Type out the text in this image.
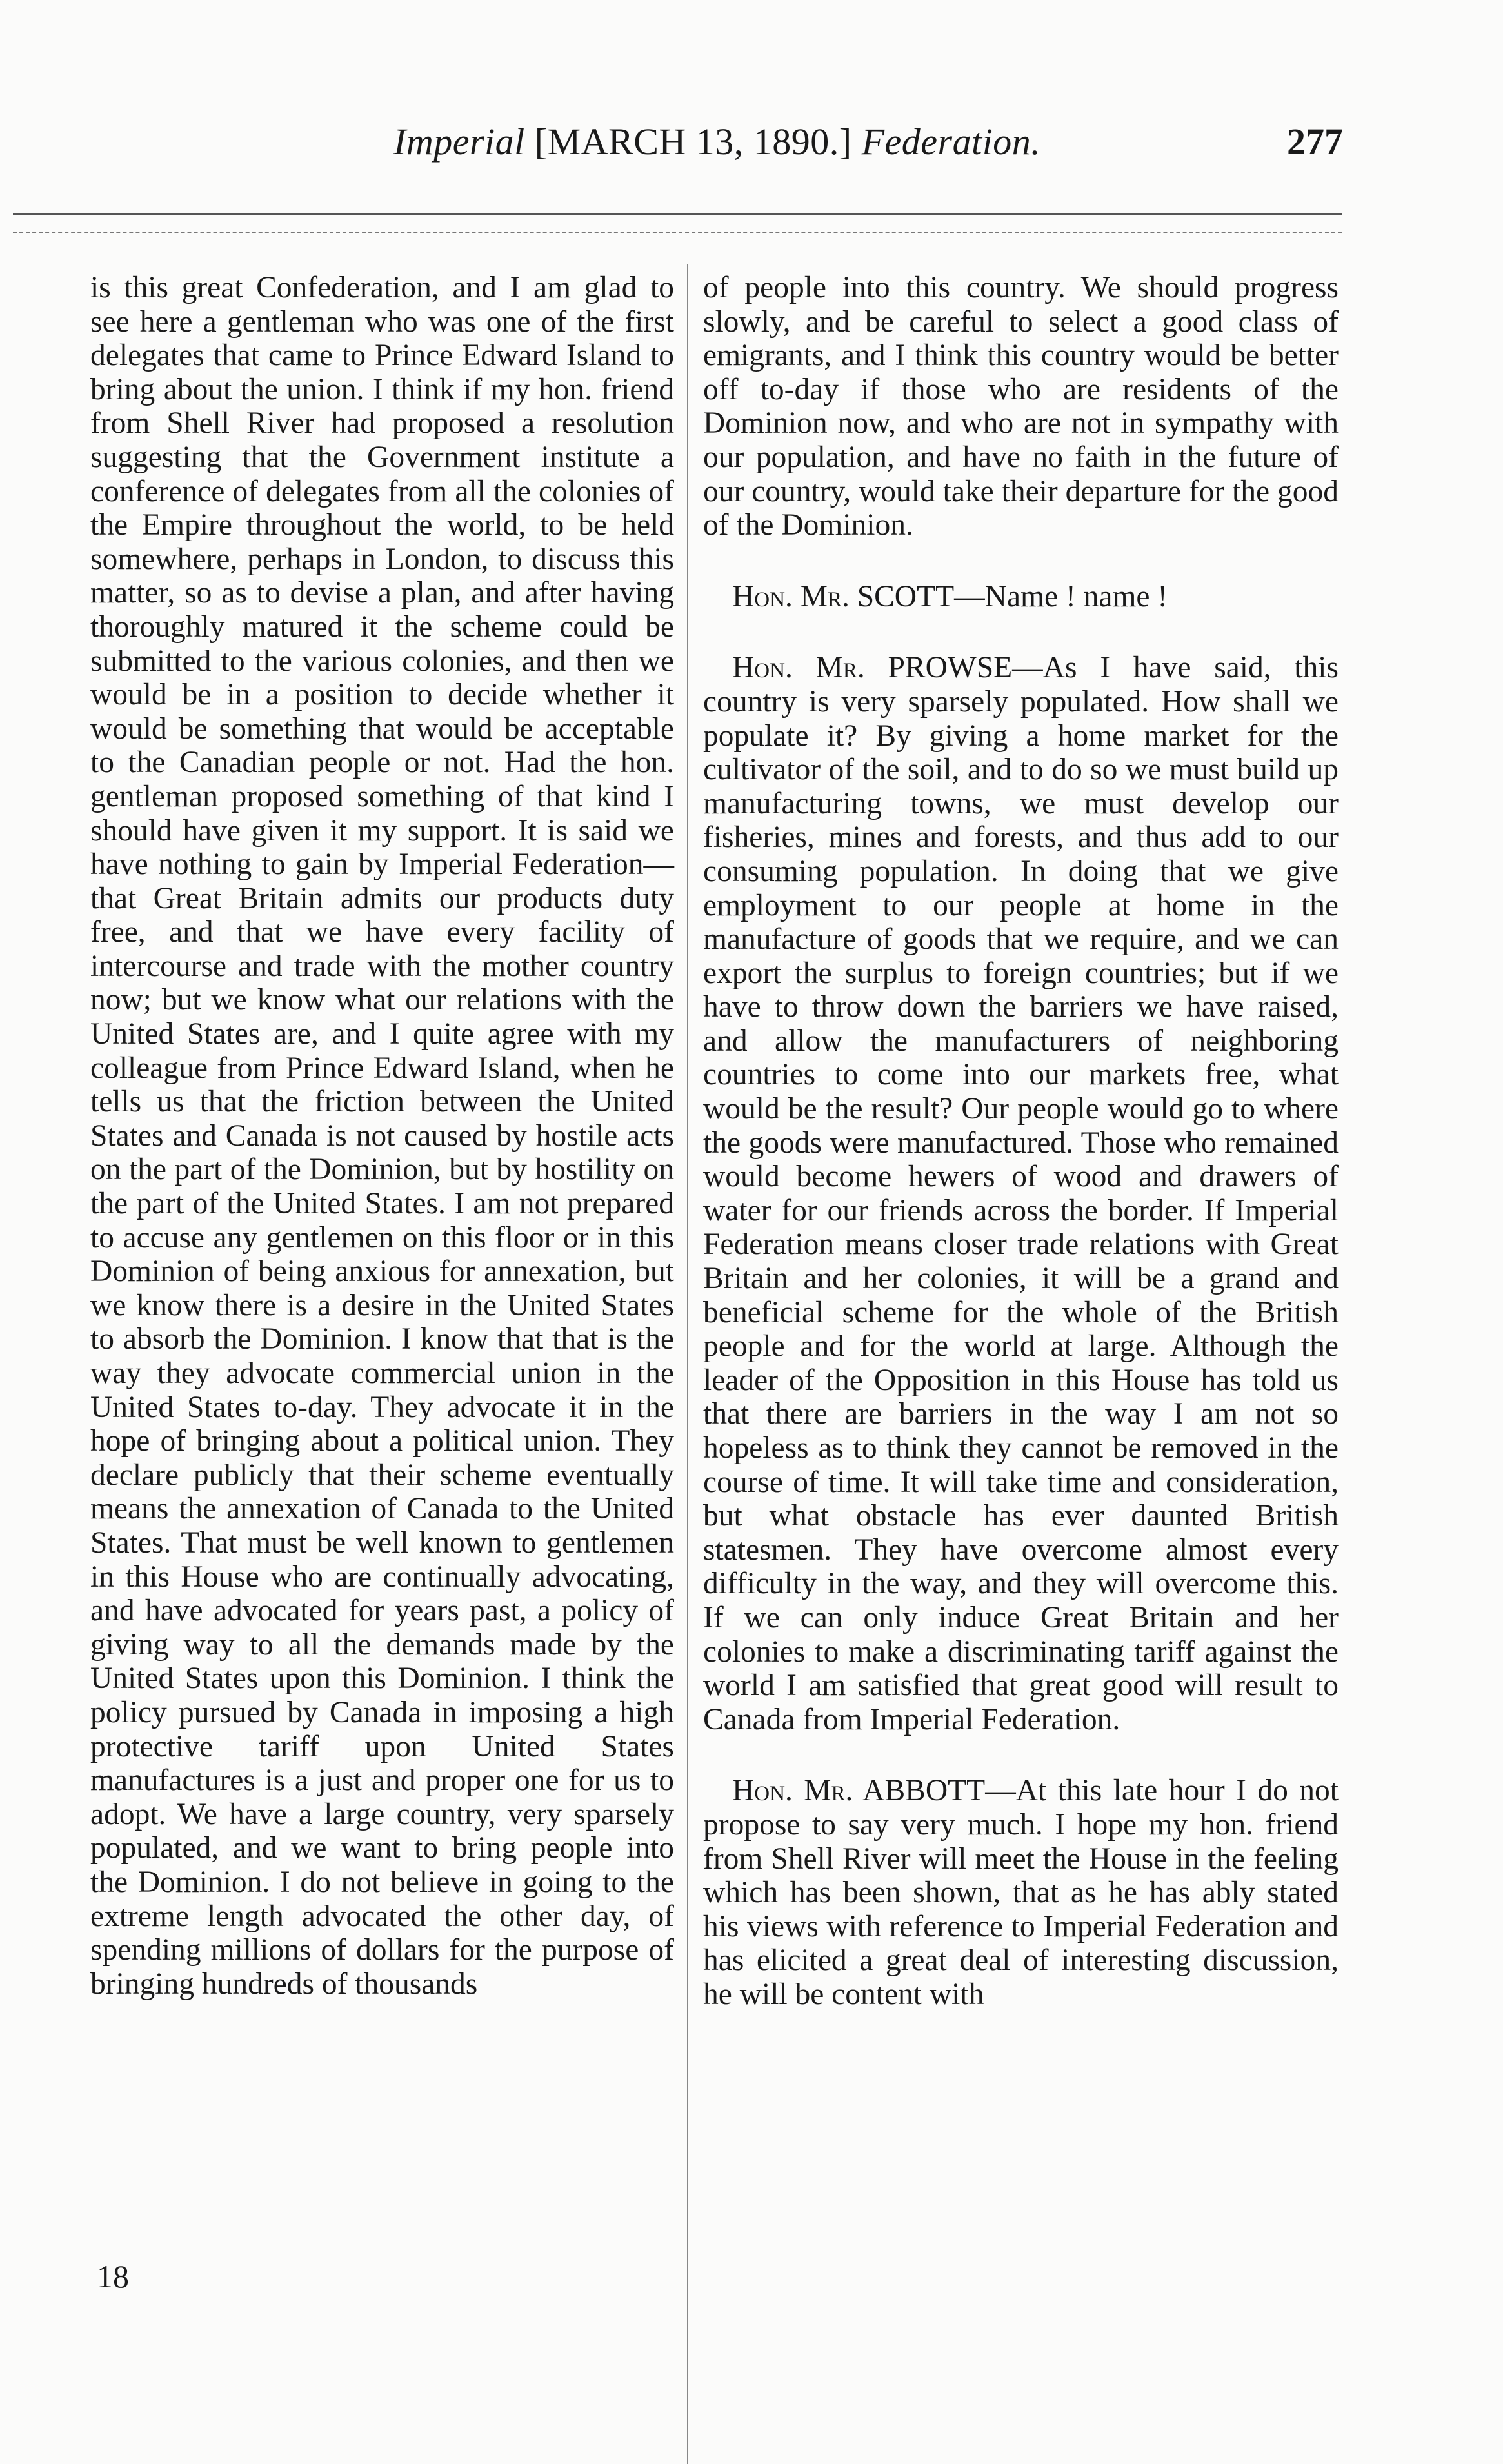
Imperial [MARCH 13, 1890.] Federation.	277

is this great Confederation, and I am glad to see here a gentleman who was one of the first delegates that came to Prince Edward Island to bring about the union. I think if my hon. friend from Shell River had proposed a resolution suggesting that the Government institute a conference of delegates from all the colonies of the Empire throughout the world, to be held somewhere, perhaps in London, to discuss this matter, so as to devise a plan, and after having thoroughly matured it the scheme could be submitted to the various colonies, and then we would be in a position to decide whether it would be something that would be acceptable to the Canadian people or not. Had the hon. gentleman proposed something of that kind I should have given it my support. It is said we have nothing to gain by Imperial Federation—that Great Britain admits our products duty free, and that we have every facility of intercourse and trade with the mother country now; but we know what our relations with the United States are, and I quite agree with my colleague from Prince Edward Island, when he tells us that the friction between the United States and Canada is not caused by hostile acts on the part of the Dominion, but by hostility on the part of the United States. I am not prepared to accuse any gentlemen on this floor or in this Dominion of being anxious for annexation, but we know there is a desire in the United States to absorb the Dominion. I know that that is the way they advocate commercial union in the United States to-day. They advocate it in the hope of bringing about a political union. They declare publicly that their scheme eventually means the annexation of Canada to the United States. That must be well known to gentlemen in this House who are continually advocating, and have advocated for years past, a policy of giving way to all the demands made by the United States upon this Dominion. I think the policy pursued by Canada in imposing a high protective tariff upon United States manufactures is a just and proper one for us to adopt. We have a large country, very sparsely populated, and we want to bring people into the Dominion. I do not believe in going to the extreme length advocated the other day, of spending millions of dollars for the purpose of bringing hundreds of thousands

of people into this country. We should progress slowly, and be careful to select a good class of emigrants, and I think this country would be better off to-day if those who are residents of the Dominion now, and who are not in sympathy with our population, and have no faith in the future of our country, would take their departure for the good of the Dominion.

Hon. Mr. SCOTT—Name ! name !

Hon. Mr. PROWSE—As I have said, this country is very sparsely populated. How shall we populate it? By giving a home market for the cultivator of the soil, and to do so we must build up manufacturing towns, we must develop our fisheries, mines and forests, and thus add to our consuming population. In doing that we give employment to our people at home in the manufacture of goods that we require, and we can export the surplus to foreign countries; but if we have to throw down the barriers we have raised, and allow the manufacturers of neighboring countries to come into our markets free, what would be the result? Our people would go to where the goods were manufactured. Those who remained would become hewers of wood and drawers of water for our friends across the border. If Imperial Federation means closer trade relations with Great Britain and her colonies, it will be a grand and beneficial scheme for the whole of the British people and for the world at large. Although the leader of the Opposition in this House has told us that there are barriers in the way I am not so hopeless as to think they cannot be removed in the course of time. It will take time and consideration, but what obstacle has ever daunted British statesmen. They have overcome almost every difficulty in the way, and they will overcome this. If we can only induce Great Britain and her colonies to make a discriminating tariff against the world I am satisfied that great good will result to Canada from Imperial Federation.

Hon. Mr. ABBOTT—At this late hour I do not propose to say very much. I hope my hon. friend from Shell River will meet the House in the feeling which has been shown, that as he has ably stated his views with reference to Imperial Federation and has elicited a great deal of interesting discussion, he will be content with

18
